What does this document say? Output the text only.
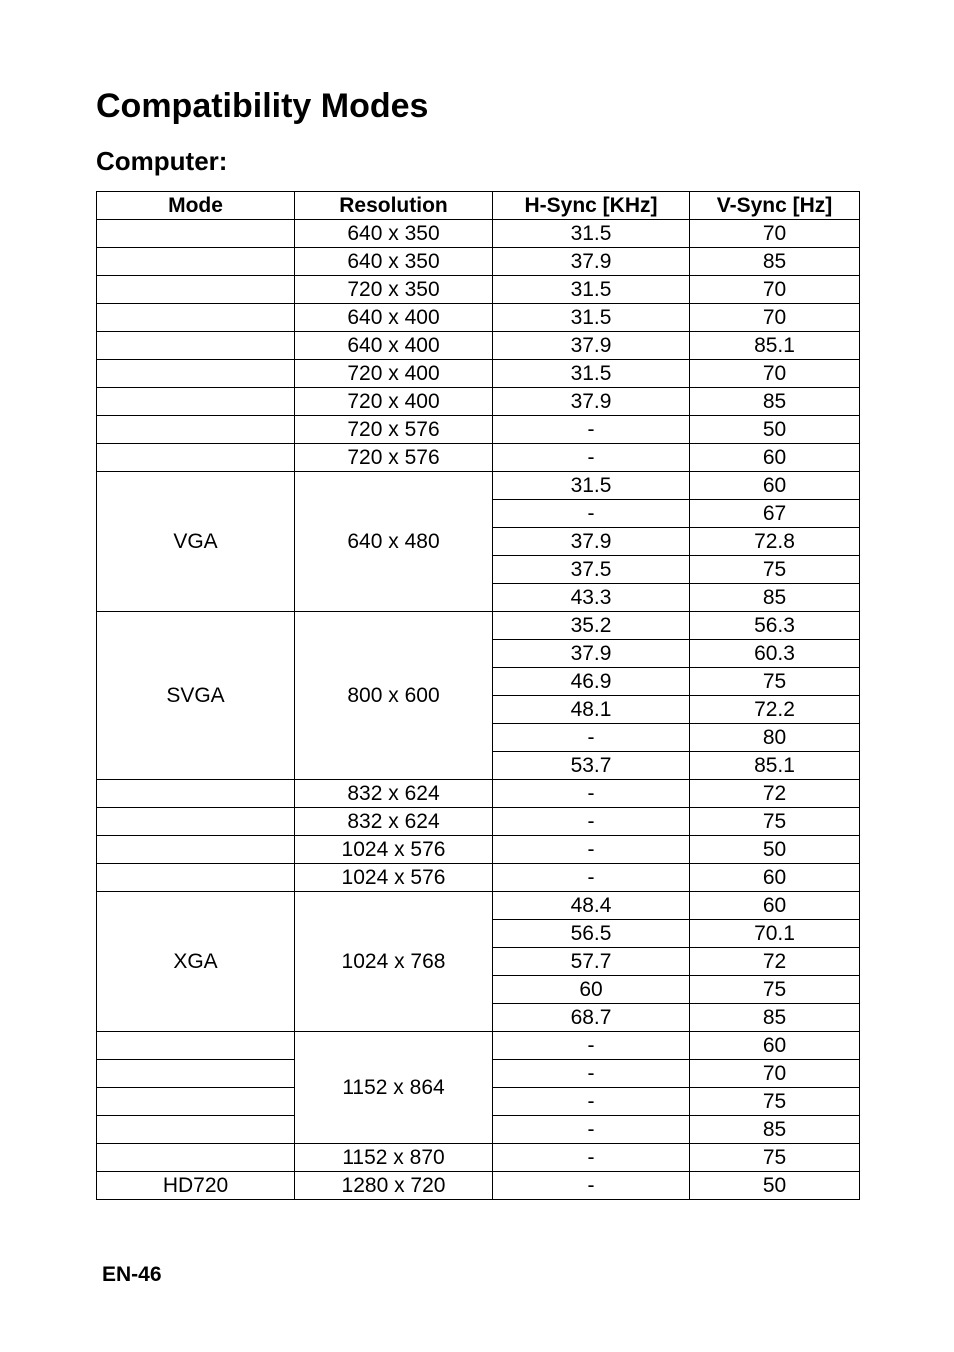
Compatibility Modes
Computer:
Mode	Resolution	H-Sync [KHz]	V-Sync [Hz]
	640 x 350	31.5	70
	640 x 350	37.9	85
	720 x 350	31.5	70
	640 x 400	31.5	70
	640 x 400	37.9	85.1
	720 x 400	31.5	70
	720 x 400	37.9	85
	720 x 576	-	50
	720 x 576	-	60
VGA	640 x 480	31.5	60
		-	67
		37.9	72.8
		37.5	75
		43.3	85
SVGA	800 x 600	35.2	56.3
		37.9	60.3
		46.9	75
		48.1	72.2
		-	80
		53.7	85.1
	832 x 624	-	72
	832 x 624	-	75
	1024 x 576	-	50
	1024 x 576	-	60
XGA	1024 x 768	48.4	60
		56.5	70.1
		57.7	72
		60	75
		68.7	85
	1152 x 864	-	60
		-	70
		-	75
		-	85
	1152 x 870	-	75
HD720	1280 x 720	-	50
EN-46
